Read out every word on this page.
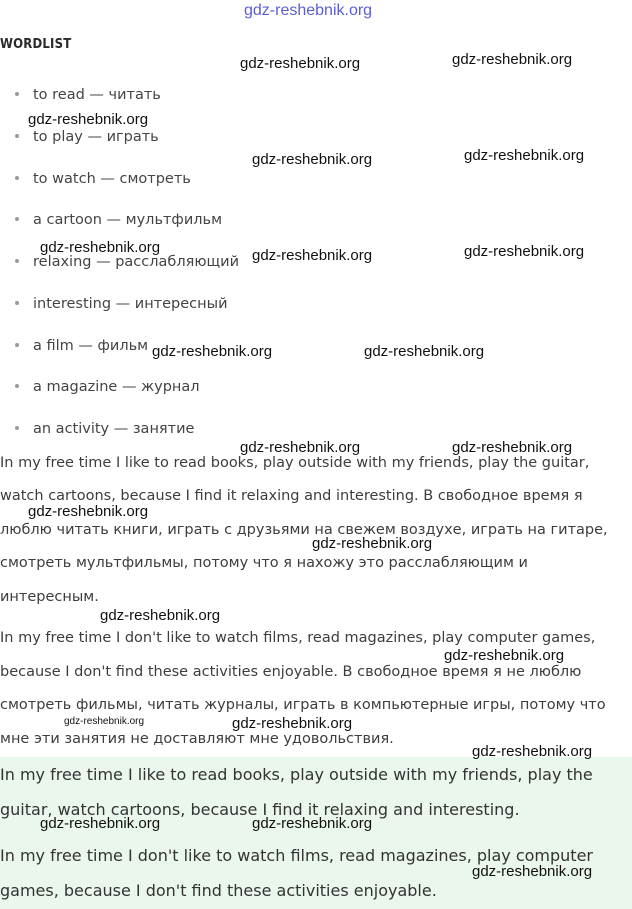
WORDLIST
to read — читать
to play — играть
to watch — смотреть
a cartoon — мультфильм
relaxing — расслабляющий
interesting — интересный
a film — фильм
a magazine — журнал
an activity — занятие
In my free time I like to read books, play outside with my friends, play the guitar,
watch cartoons, because I find it relaxing and interesting. В свободное время я
люблю читать книги, играть с друзьями на свежем воздухе, играть на гитаре,
смотреть мультфильмы, потому что я нахожу это расслабляющим и
интересным.
In my free time I don't like to watch films, read magazines, play computer games,
because I don't find these activities enjoyable. В свободное время я не люблю
смотреть фильмы, читать журналы, играть в компьютерные игры, потому что
мне эти занятия не доставляют мне удовольствия.
In my free time I like to read books, play outside with my friends, play the
guitar, watch cartoons, because I find it relaxing and interesting.
In my free time I don't like to watch films, read magazines, play computer
games, because I don't find these activities enjoyable.
gdz-reshebnik.org
gdz-reshebnik.org	gdz-reshebnik.org
gdz-reshebnik.org
gdz-reshebnik.org	gdz-reshebnik.org
gdz-reshebnik.org	gdz-reshebnik.org	gdz-reshebnik.org
gdz-reshebnik.org	gdz-reshebnik.org
gdz-reshebnik.org	gdz-reshebnik.org
gdz-reshebnik.org
gdz-reshebnik.org
gdz-reshebnik.org
gdz-reshebnik.org
gdz-reshebnik.org	gdz-reshebnik.org
gdz-reshebnik.org
gdz-reshebnik.org	gdz-reshebnik.org
gdz-reshebnik.org
